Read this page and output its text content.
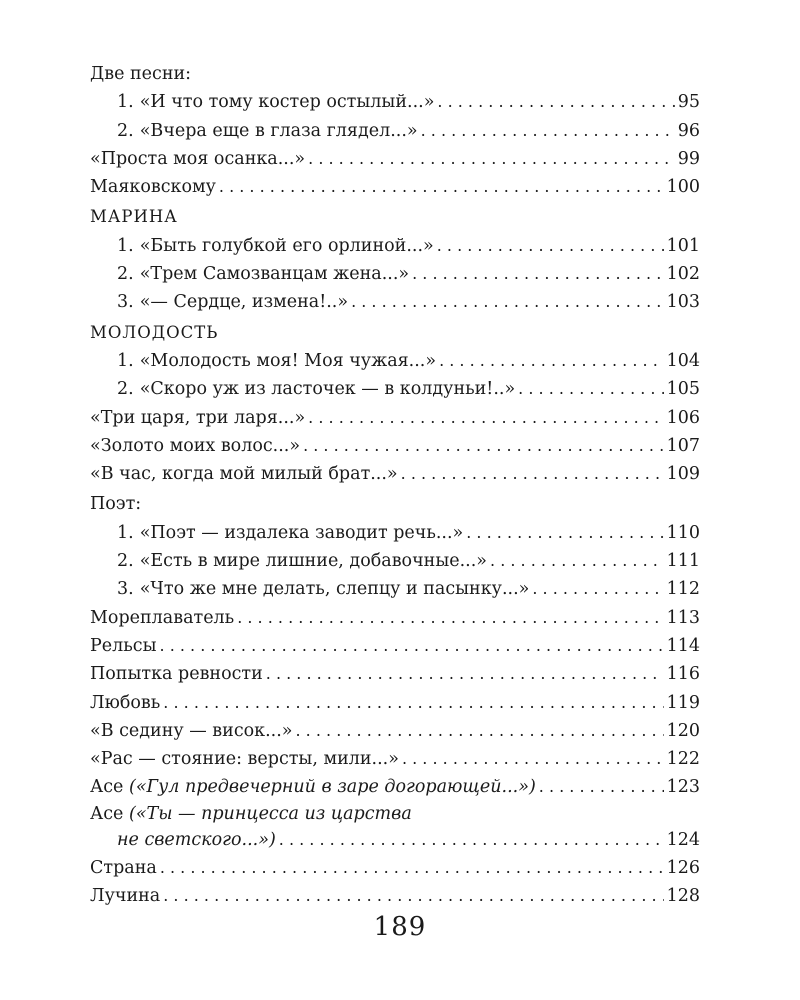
Две песни:
1. «И что тому костер остылый...» . . .	95
2. «Вчера еще в глаза глядел...» . . .	96
«Проста моя осанка...» . . .	99
Маяковскому . . .	100
МАРИНА
1. «Быть голубкой его орлиной...» . . .	101
2. «Трем Самозванцам жена...» . . .	102
3. «— Сердце, измена!..» . . .	103
МОЛОДОСТЬ
1. «Молодость моя! Моя чужая...» . . .	104
2. «Скоро уж из ласточек — в колдуньи!..» . . .	105
«Три царя, три ларя...» . . .	106
«Золото моих волос...» . . .	107
«В час, когда мой милый брат...» . . .	109
Поэт:
1. «Поэт — издалека заводит речь...» . . .	110
2. «Есть в мире лишние, добавочные...» . . .	111
3. «Что же мне делать, слепцу и пасынку...» . . .	112
Мореплаватель . . .	113
Рельсы . . .	114
Попытка ревности . . .	116
Любовь . . .	119
«В седину — висок...» . . .	120
«Рас — стояние: версты, мили...» . . .	122
Асе («Гул предвечерний в заре догорающей...») . . .	123
Асе («Ты — принцесса из царства
не светского...») . . .	124
Страна . . .	126
Лучина . . .	128
189
